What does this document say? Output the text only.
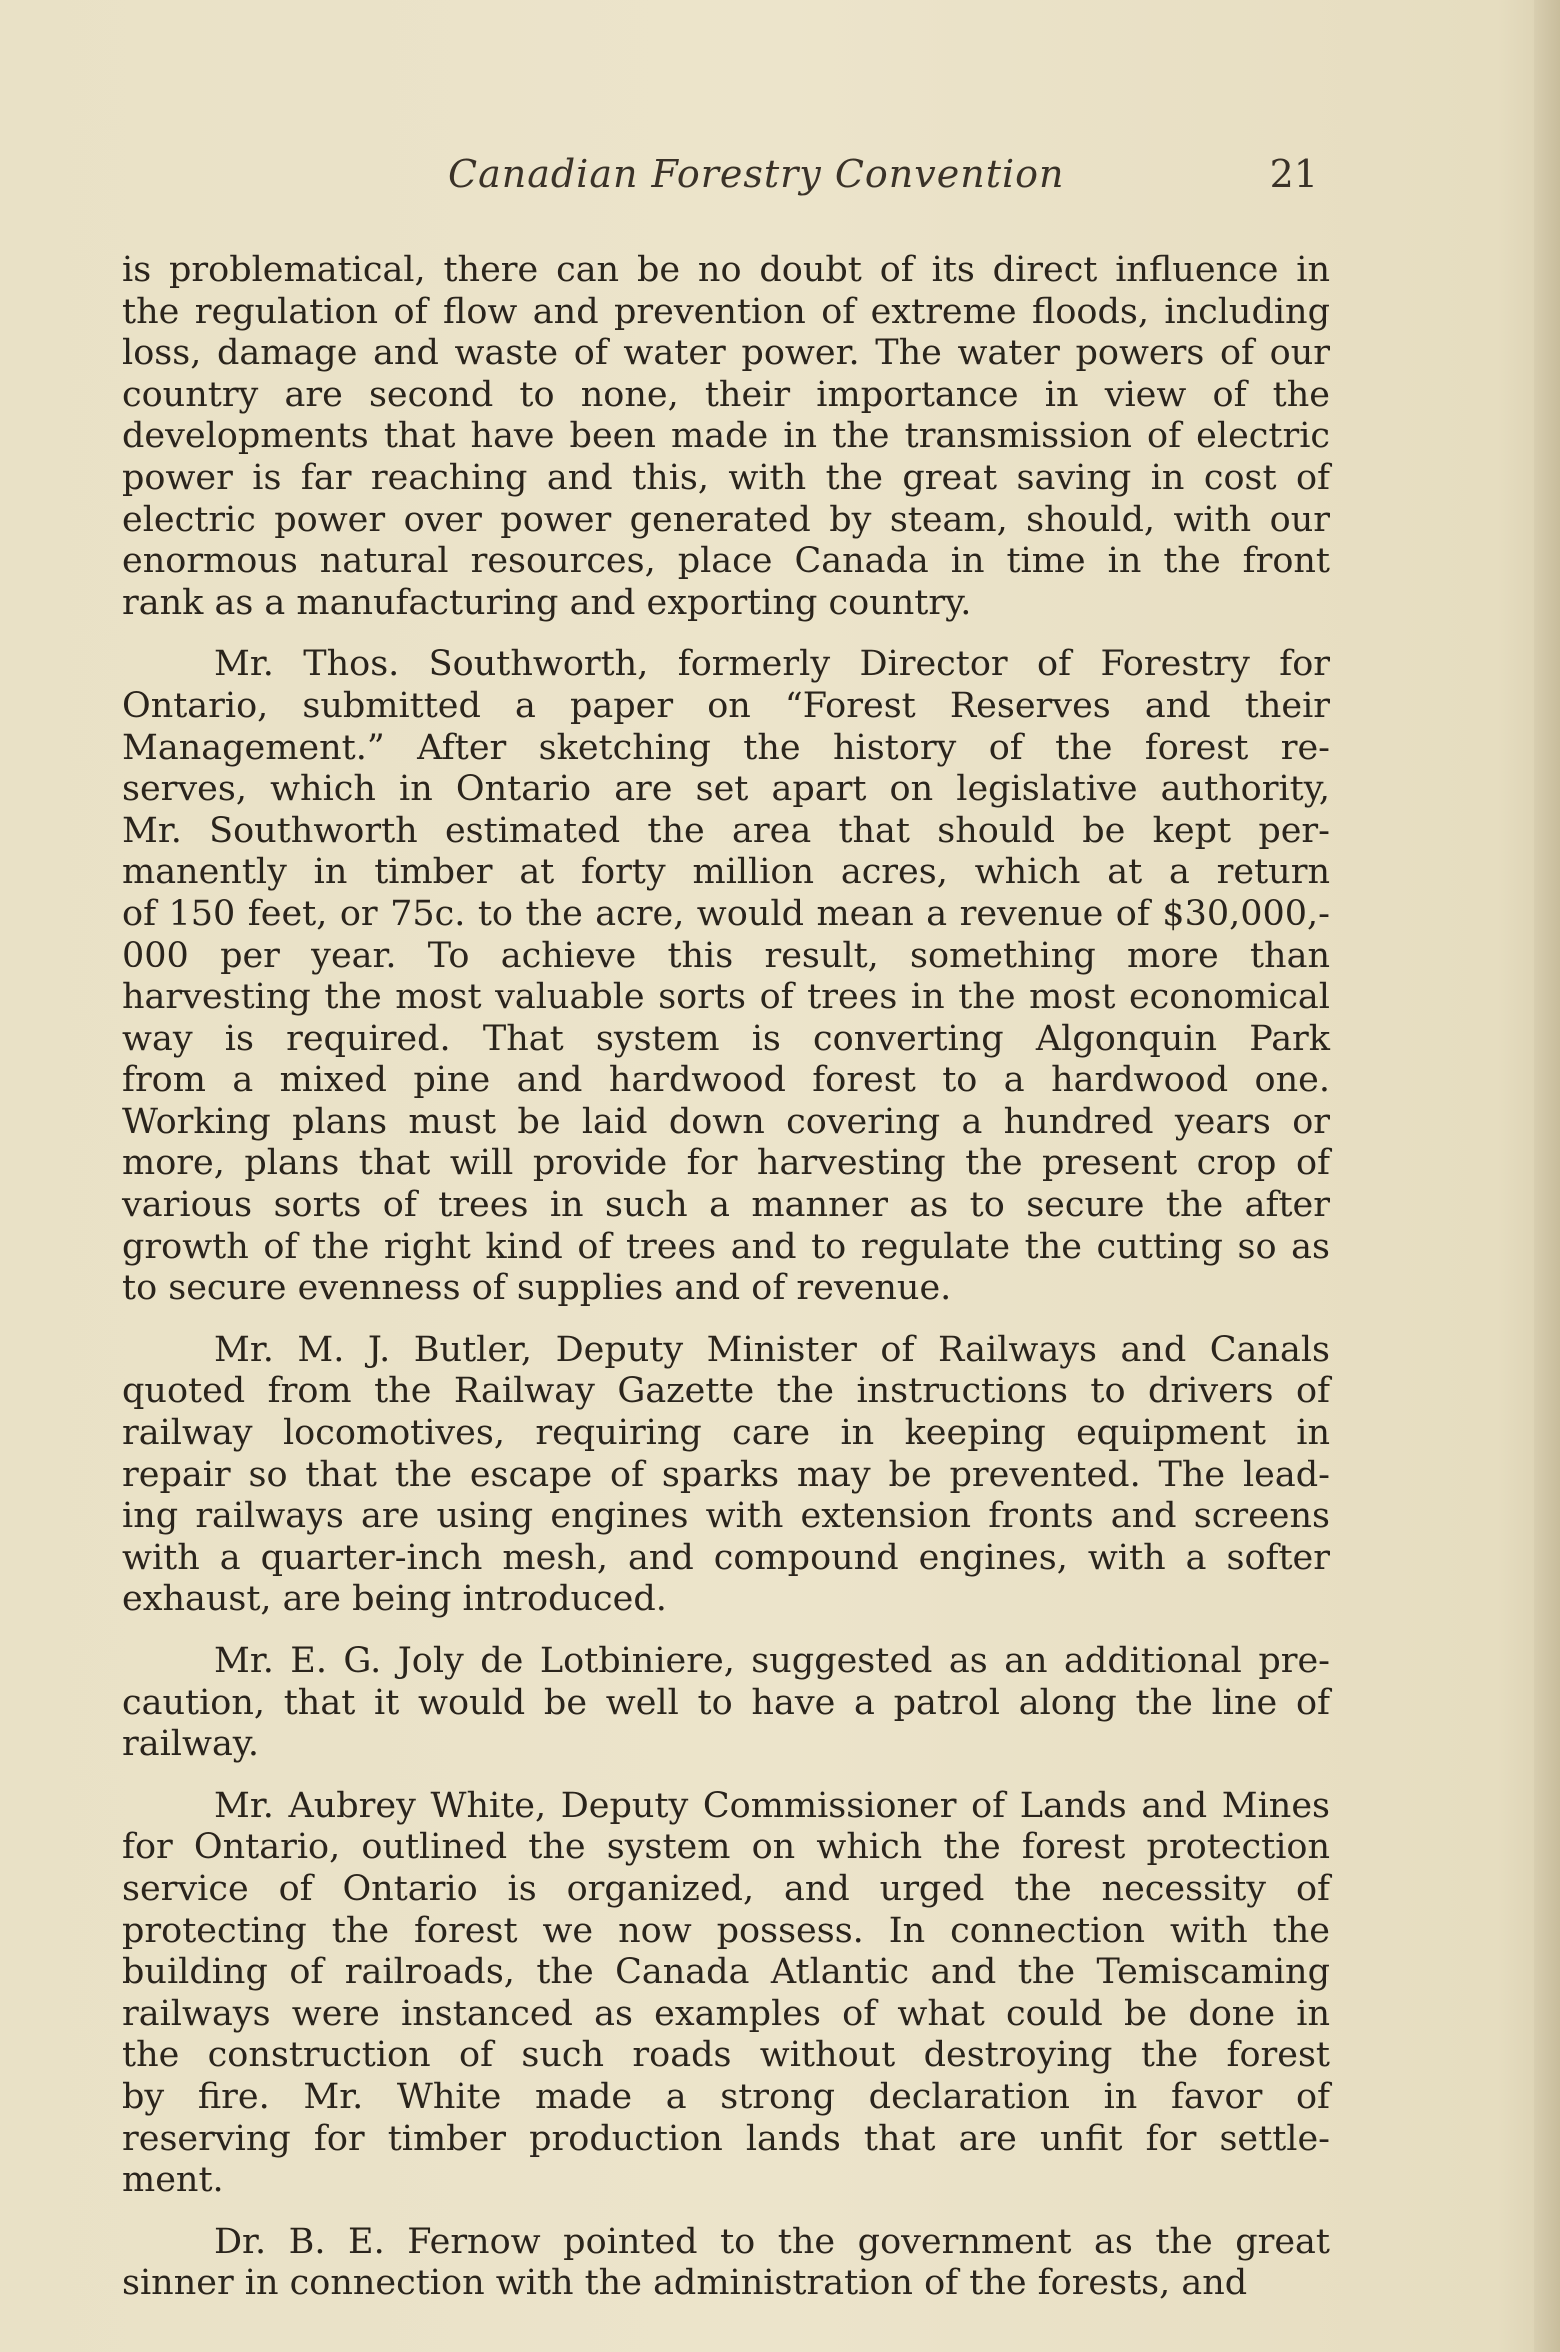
Canadian Forestry Convention	21
is problematical, there can be no doubt of its direct influence in
the regulation of flow and prevention of extreme floods, including
loss, damage and waste of water power. The water powers of our
country are second to none, their importance in view of the
developments that have been made in the transmission of electric
power is far reaching and this, with the great saving in cost of
electric power over power generated by steam, should, with our
enormous natural resources, place Canada in time in the front
rank as a manufacturing and exporting country.
Mr. Thos. Southworth, formerly Director of Forestry for
Ontario, submitted a paper on “Forest Reserves and their
Management.” After sketching the history of the forest re-
serves, which in Ontario are set apart on legislative authority,
Mr. Southworth estimated the area that should be kept per-
manently in timber at forty million acres, which at a return
of 150 feet, or 75c. to the acre, would mean a revenue of $30,000,-
000 per year. To achieve this result, something more than
harvesting the most valuable sorts of trees in the most economical
way is required. That system is converting Algonquin Park
from a mixed pine and hardwood forest to a hardwood one.
Working plans must be laid down covering a hundred years or
more, plans that will provide for harvesting the present crop of
various sorts of trees in such a manner as to secure the after
growth of the right kind of trees and to regulate the cutting so as
to secure evenness of supplies and of revenue.
Mr. M. J. Butler, Deputy Minister of Railways and Canals
quoted from the Railway Gazette the instructions to drivers of
railway locomotives, requiring care in keeping equipment in
repair so that the escape of sparks may be prevented. The lead-
ing railways are using engines with extension fronts and screens
with a quarter-inch mesh, and compound engines, with a softer
exhaust, are being introduced.
Mr. E. G. Joly de Lotbiniere, suggested as an additional pre-
caution, that it would be well to have a patrol along the line of
railway.
Mr. Aubrey White, Deputy Commissioner of Lands and Mines
for Ontario, outlined the system on which the forest protection
service of Ontario is organized, and urged the necessity of
protecting the forest we now possess. In connection with the
building of railroads, the Canada Atlantic and the Temiscaming
railways were instanced as examples of what could be done in
the construction of such roads without destroying the forest
by fire. Mr. White made a strong declaration in favor of
reserving for timber production lands that are unfit for settle-
ment.
Dr. B. E. Fernow pointed to the government as the great
sinner in connection with the administration of the forests, and
